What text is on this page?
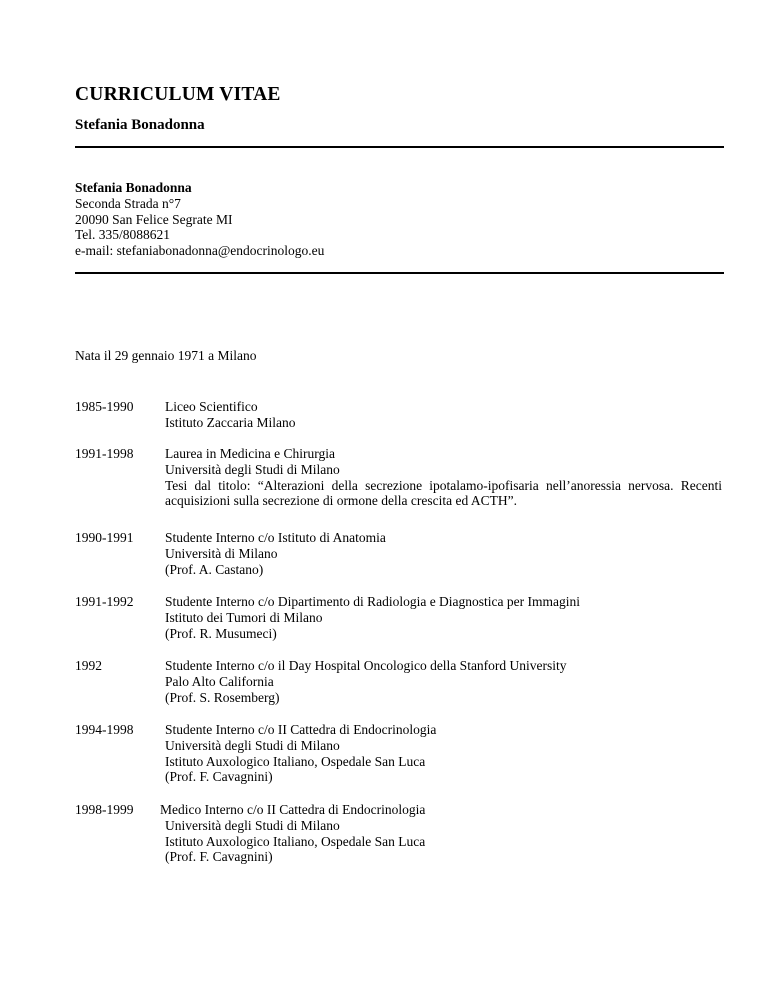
CURRICULUM VITAE
Stefania Bonadonna
Stefania Bonadonna
Seconda Strada n°7
20090 San Felice Segrate MI
Tel. 335/8088621
e-mail: stefaniabonadonna@endocrinologo.eu
Nata il 29 gennaio 1971 a Milano
1985-1990 Liceo Scientifico
Istituto Zaccaria Milano
1991-1998 Laurea in Medicina e Chirurgia
Università degli Studi di Milano
Tesi dal titolo: “Alterazioni della secrezione ipotalamo-ipofisaria nell’anoressia nervosa. Recenti acquisizioni sulla secrezione di ormone della crescita ed ACTH”.
1990-1991 Studente Interno c/o Istituto di Anatomia
Università di Milano
(Prof. A. Castano)
1991-1992 Studente Interno c/o Dipartimento di Radiologia e Diagnostica per Immagini
Istituto dei Tumori di Milano
(Prof. R. Musumeci)
1992	Studente Interno c/o il Day Hospital Oncologico della Stanford University
Palo Alto California
(Prof. S. Rosemberg)
1994-1998 Studente Interno c/o II Cattedra di Endocrinologia
Università degli Studi di Milano
Istituto Auxologico Italiano, Ospedale San Luca
(Prof. F. Cavagnini)
1998-1999 Medico Interno c/o II Cattedra di Endocrinologia
Università degli Studi di Milano
Istituto Auxologico Italiano, Ospedale San Luca
(Prof. F. Cavagnini)
